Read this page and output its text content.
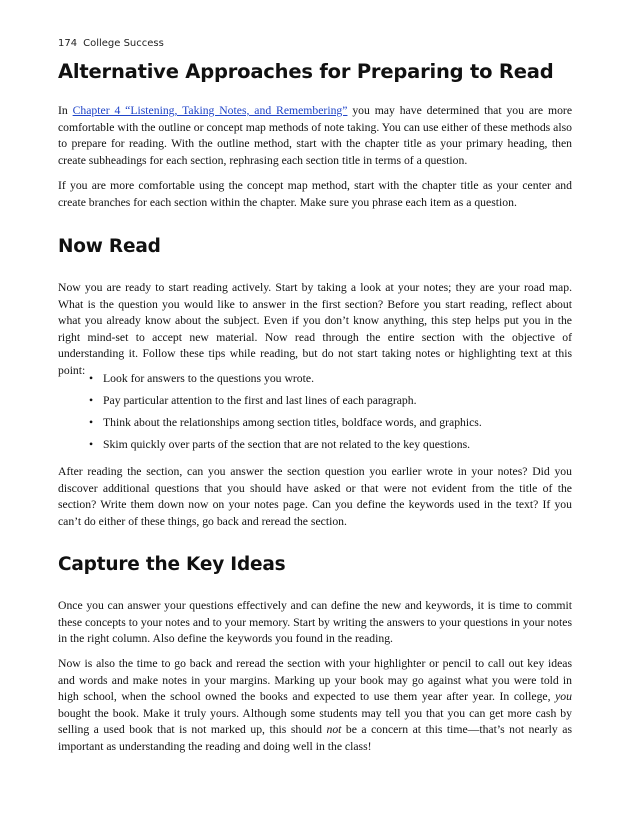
174 College Success
Alternative Approaches for Preparing to Read

In Chapter 4 “Listening, Taking Notes, and Remembering” you may have determined that you are more comfortable with the outline or concept map methods of note taking. You can use either of these methods also to prepare for reading. With the outline method, start with the chapter title as your primary heading, then create subheadings for each section, rephrasing each section title in terms of a question.

If you are more comfortable using the concept map method, start with the chapter title as your center and create branches for each section within the chapter. Make sure you phrase each item as a question.

Now Read

Now you are ready to start reading actively. Start by taking a look at your notes; they are your road map. What is the question you would like to answer in the first section? Before you start reading, reflect about what you already know about the subject. Even if you don’t know anything, this step helps put you in the right mind-set to accept new material. Now read through the entire section with the objective of understanding it. Follow these tips while reading, but do not start taking notes or highlighting text at this point:

• Look for answers to the questions you wrote.
• Pay particular attention to the first and last lines of each paragraph.
• Think about the relationships among section titles, boldface words, and graphics.
• Skim quickly over parts of the section that are not related to the key questions.

After reading the section, can you answer the section question you earlier wrote in your notes? Did you discover additional questions that you should have asked or that were not evident from the title of the section? Write them down now on your notes page. Can you define the keywords used in the text? If you can’t do either of these things, go back and reread the section.

Capture the Key Ideas

Once you can answer your questions effectively and can define the new and keywords, it is time to commit these concepts to your notes and to your memory. Start by writing the answers to your questions in your notes in the right column. Also define the keywords you found in the reading.

Now is also the time to go back and reread the section with your highlighter or pencil to call out key ideas and words and make notes in your margins. Marking up your book may go against what you were told in high school, when the school owned the books and expected to use them year after year. In college, you bought the book. Make it truly yours. Although some students may tell you that you can get more cash by selling a used book that is not marked up, this should not be a concern at this time—that’s not nearly as important as understanding the reading and doing well in the class!
